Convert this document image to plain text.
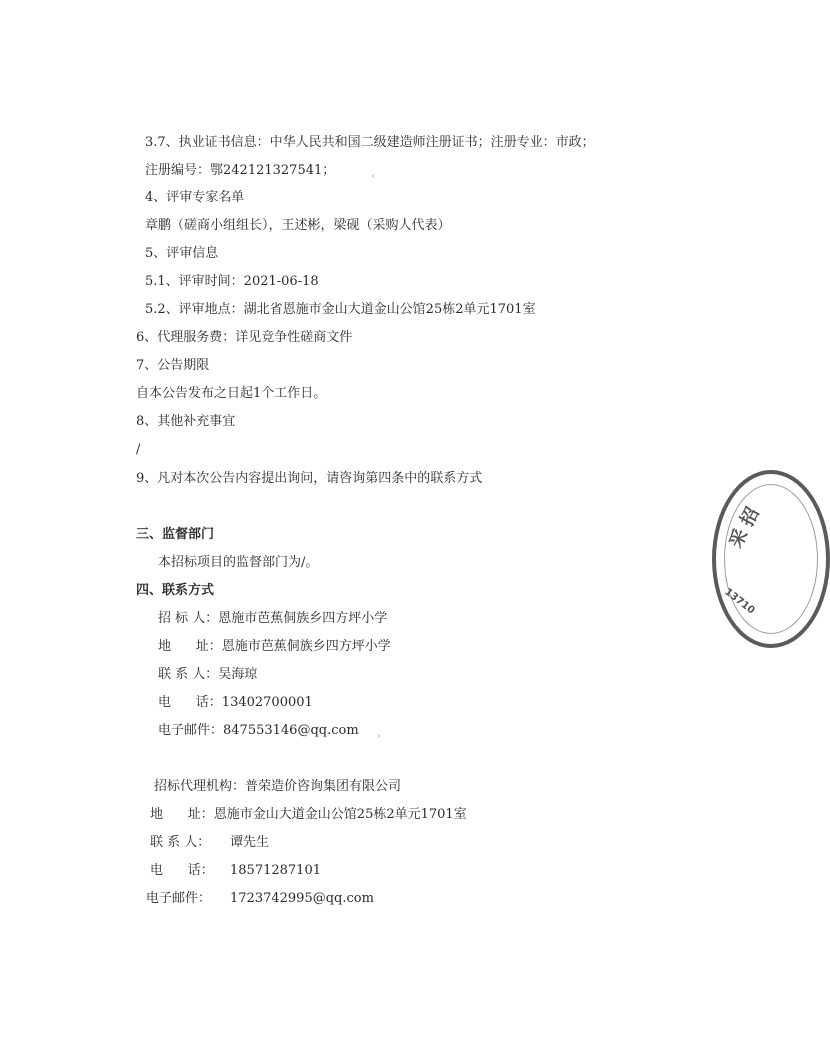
3.7、执业证书信息：中华人民共和国二级建造师注册证书；注册专业：市政；
注册编号：鄂242121327541；
4、评审专家名单
章鹏（磋商小组组长），王述彬，梁砚（采购人代表）
5、评审信息
5.1、评审时间：2021-06-18
5.2、评审地点：湖北省恩施市金山大道金山公馆25栋2单元1701室
6、代理服务费：详见竞争性磋商文件
7、公告期限
自本公告发布之日起1个工作日。
8、其他补充事宜
/
9、凡对本次公告内容提出询问，请咨询第四条中的联系方式
三、监督部门
本招标项目的监督部门为/。
四、联系方式
招 标 人：恩施市芭蕉侗族乡四方坪小学
地      址：恩施市芭蕉侗族乡四方坪小学
联 系 人：吴海琼
电      话：13402700001
电子邮件：847553146@qq.com
招标代理机构：普荣造价咨询集团有限公司
地      址：恩施市金山大道金山公馆25栋2单元1701室
联 系 人： 谭先生
电      话： 18571287101
电子邮件： 1723742995@qq.com
采 招
13710
